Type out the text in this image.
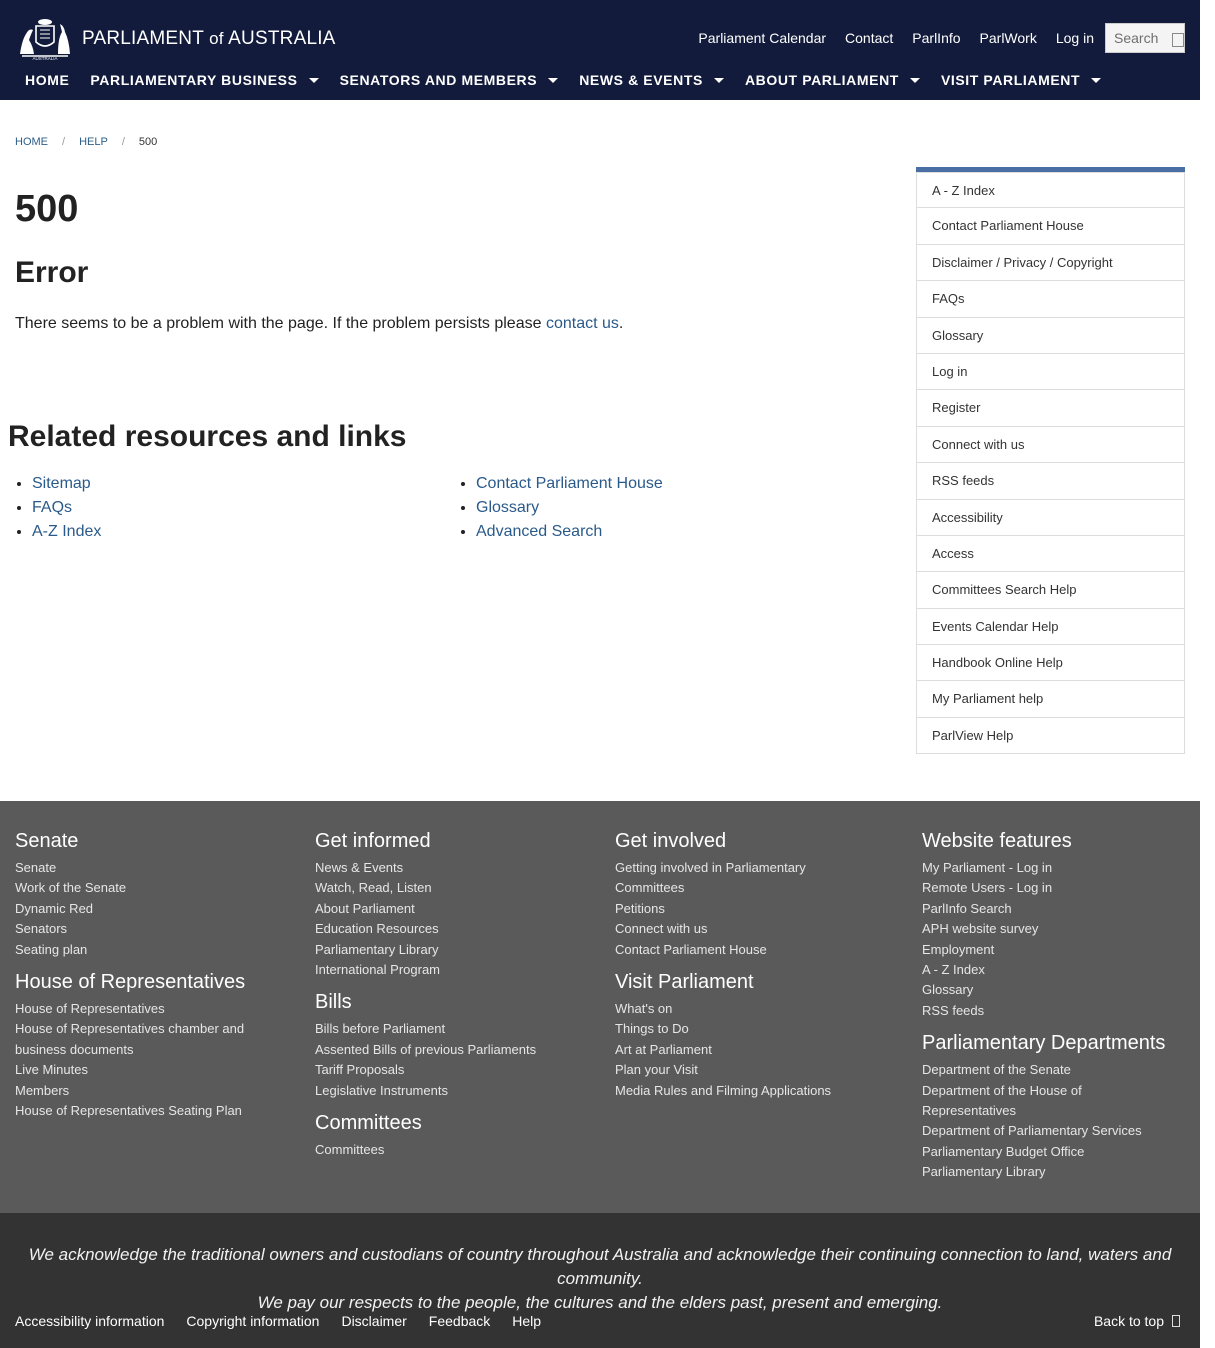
AUSTRALIA
PARLIAMENT of AUSTRALIA	Parliament Calendar Contact ParlInfo ParlWork Log in
Search
HOME PARLIAMENTARY BUSINESS	SENATORS AND MEMBERS	NEWS & EVENTS	ABOUT PARLIAMENT	VISIT PARLIAMENT
HOME / HELP / 500
500
Error

There seems to be a problem with the page. If the problem persists please contact us.

Related resources and links
• Sitemap
• FAQs
• A-Z Index
• Contact Parliament House
• Glossary
• Advanced Search
A - Z Index
Contact Parliament House
Disclaimer / Privacy / Copyright
FAQs
Glossary
Log in
Register
Connect with us
RSS feeds
Accessibility
Access
Committees Search Help
Events Calendar Help
Handbook Online Help
My Parliament help
ParlView Help
Senate
Senate
Work of the Senate
Dynamic Red
Senators
Seating plan
House of Representatives
House of Representatives
House of Representatives chamber and business documents
Live Minutes
Members
House of Representatives Seating Plan
Get informed
News & Events
Watch, Read, Listen
About Parliament
Education Resources
Parliamentary Library
International Program
Bills
Bills before Parliament
Assented Bills of previous Parliaments
Tariff Proposals
Legislative Instruments
Committees
Committees
Get involved
Getting involved in Parliamentary Committees
Petitions
Connect with us
Contact Parliament House
Visit Parliament
What's on
Things to Do
Art at Parliament
Plan your Visit
Media Rules and Filming Applications
Website features
My Parliament - Log in
Remote Users - Log in
ParlInfo Search
APH website survey
Employment
A - Z Index
Glossary
RSS feeds
Parliamentary Departments
Department of the Senate
Department of the House of Representatives
Department of Parliamentary Services
Parliamentary Budget Office
Parliamentary Library
We acknowledge the traditional owners and custodians of country throughout Australia and acknowledge their continuing connection to land, waters and community.
We pay our respects to the people, the cultures and the elders past, present and emerging.
Accessibility information Copyright information Disclaimer Feedback Help	Back to top
